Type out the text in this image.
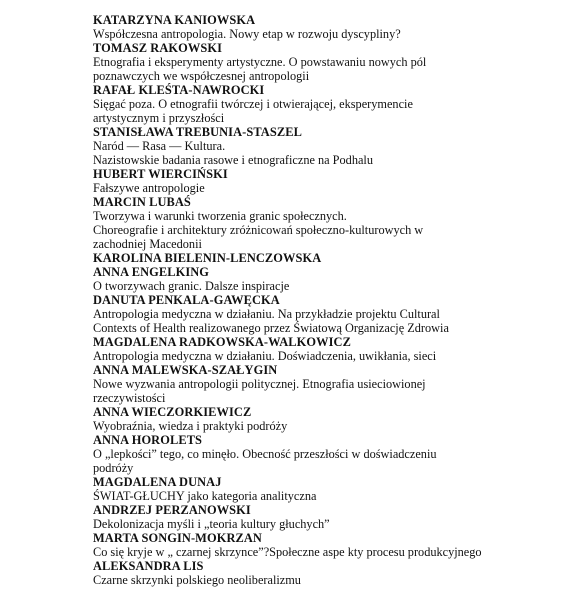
KATARZYNA KANIOWSKA
Współczesna antropologia. Nowy etap w rozwoju dyscypliny?
TOMASZ RAKOWSKI
Etnografia i eksperymenty artystyczne. O powstawaniu nowych pól
poznawczych we współczesnej antropologii
RAFAŁ KLEŚTA-NAWROCKI
Sięgać poza. O etnografii twórczej i otwierającej, eksperymencie
artystycznym i przyszłości
STANISŁAWA TREBUNIA-STASZEL
Naród — Rasa — Kultura.
Nazistowskie badania rasowe i etnograficzne na Podhalu
HUBERT WIERCIŃSKI
Fałszywe antropologie
MARCIN LUBAŚ
Tworzywa i warunki tworzenia granic społecznych.
Choreografie i architektury zróżnicowań społeczno-kulturowych w
zachodniej Macedonii
KAROLINA BIELENIN-LENCZOWSKA
ANNA ENGELKING
O tworzywach granic. Dalsze inspiracje
DANUTA PENKALA-GAWĘCKA
Antropologia medyczna w działaniu. Na przykładzie projektu Cultural
Contexts of Health realizowanego przez Światową Organizację Zdrowia
MAGDALENA RADKOWSKA-WALKOWICZ
Antropologia medyczna w działaniu. Doświadczenia, uwikłania, sieci
ANNA MALEWSKA-SZAŁYGIN
Nowe wyzwania antropologii politycznej. Etnografia usieciowionej
rzeczywistości
ANNA WIECZORKIEWICZ
Wyobraźnia, wiedza i praktyki podróży
ANNA HOROLETS
O „lepkości” tego, co minęło. Obecność przeszłości w doświadczeniu
podróży
MAGDALENA DUNAJ
ŚWIAT-GŁUCHY jako kategoria analityczna
ANDRZEJ PERZANOWSKI
Dekolonizacja myśli i „teoria kultury głuchych”
MARTA SONGIN-MOKRZAN
Co się kryje w „ czarnej skrzynce”?Społeczne aspe kty procesu produkcyjnego
ALEKSANDRA LIS
Czarne skrzynki polskiego neoliberalizmu
